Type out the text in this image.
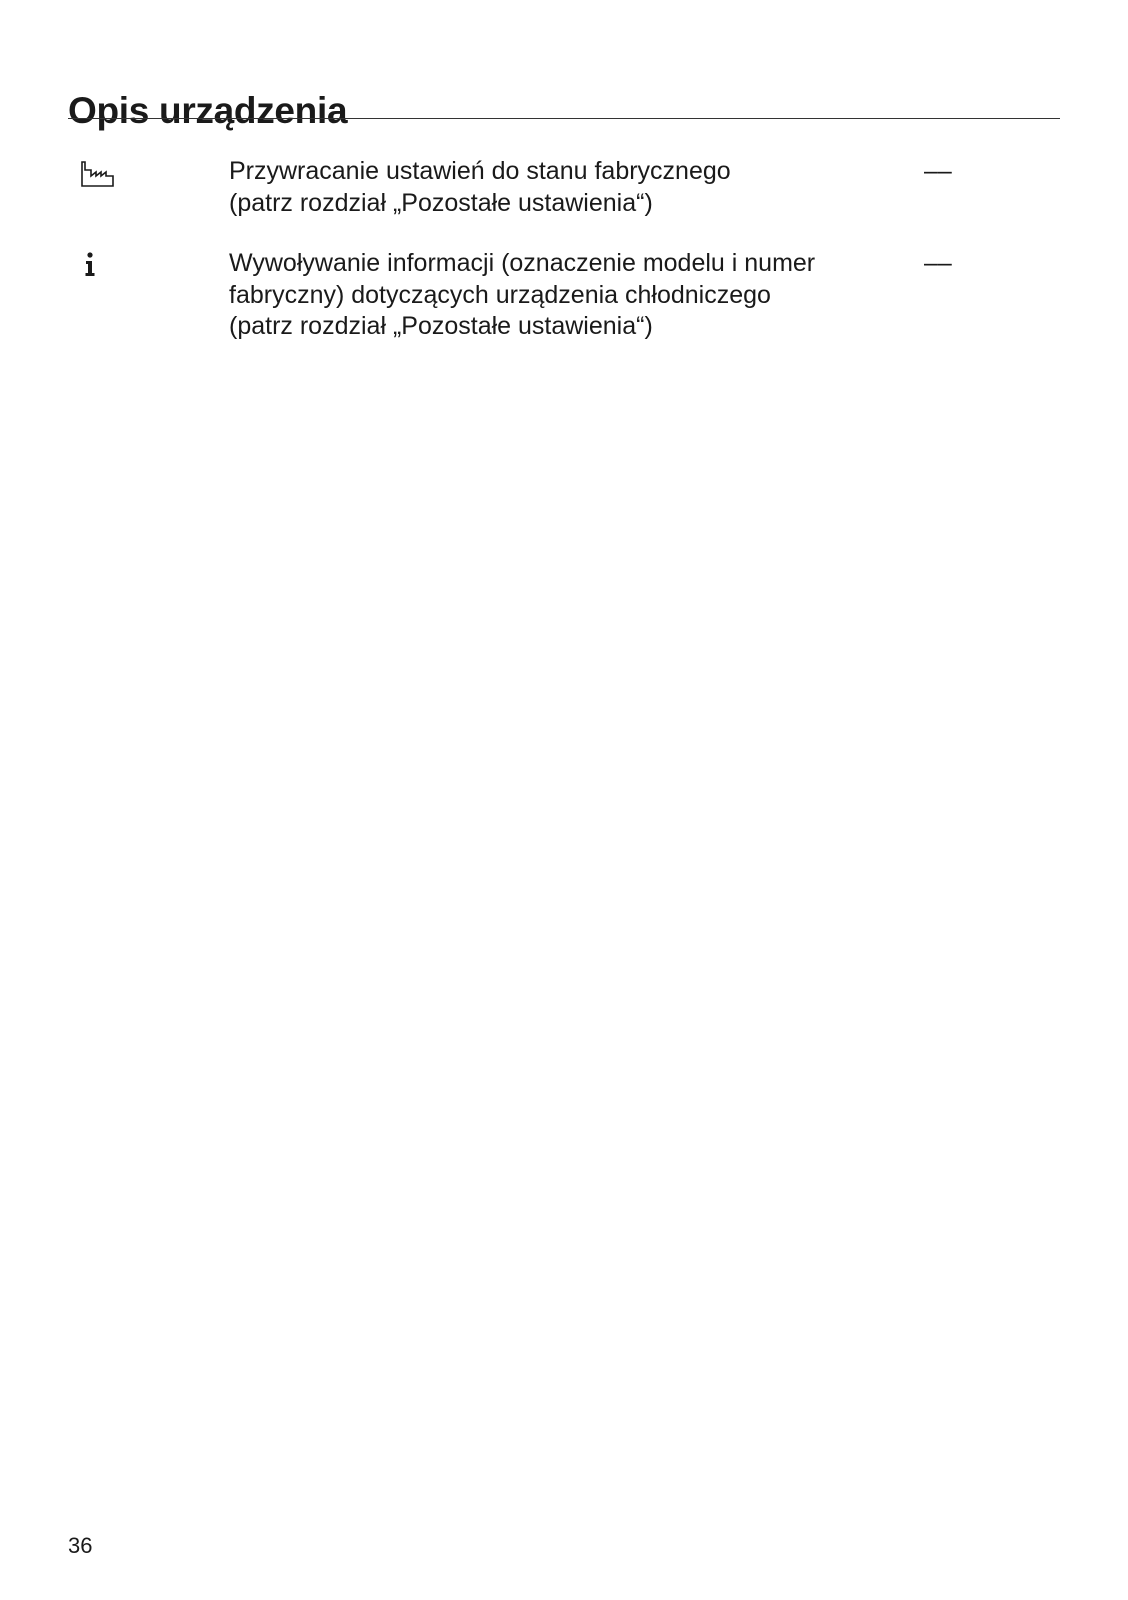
Opis urządzenia
Przywracanie ustawień do stanu fabrycznego
(patrz rozdział „Pozostałe ustawienia“)
––
Wywoływanie informacji (oznaczenie modelu i numer
fabryczny) dotyczących urządzenia chłodniczego
(patrz rozdział „Pozostałe ustawienia“)
––
36
